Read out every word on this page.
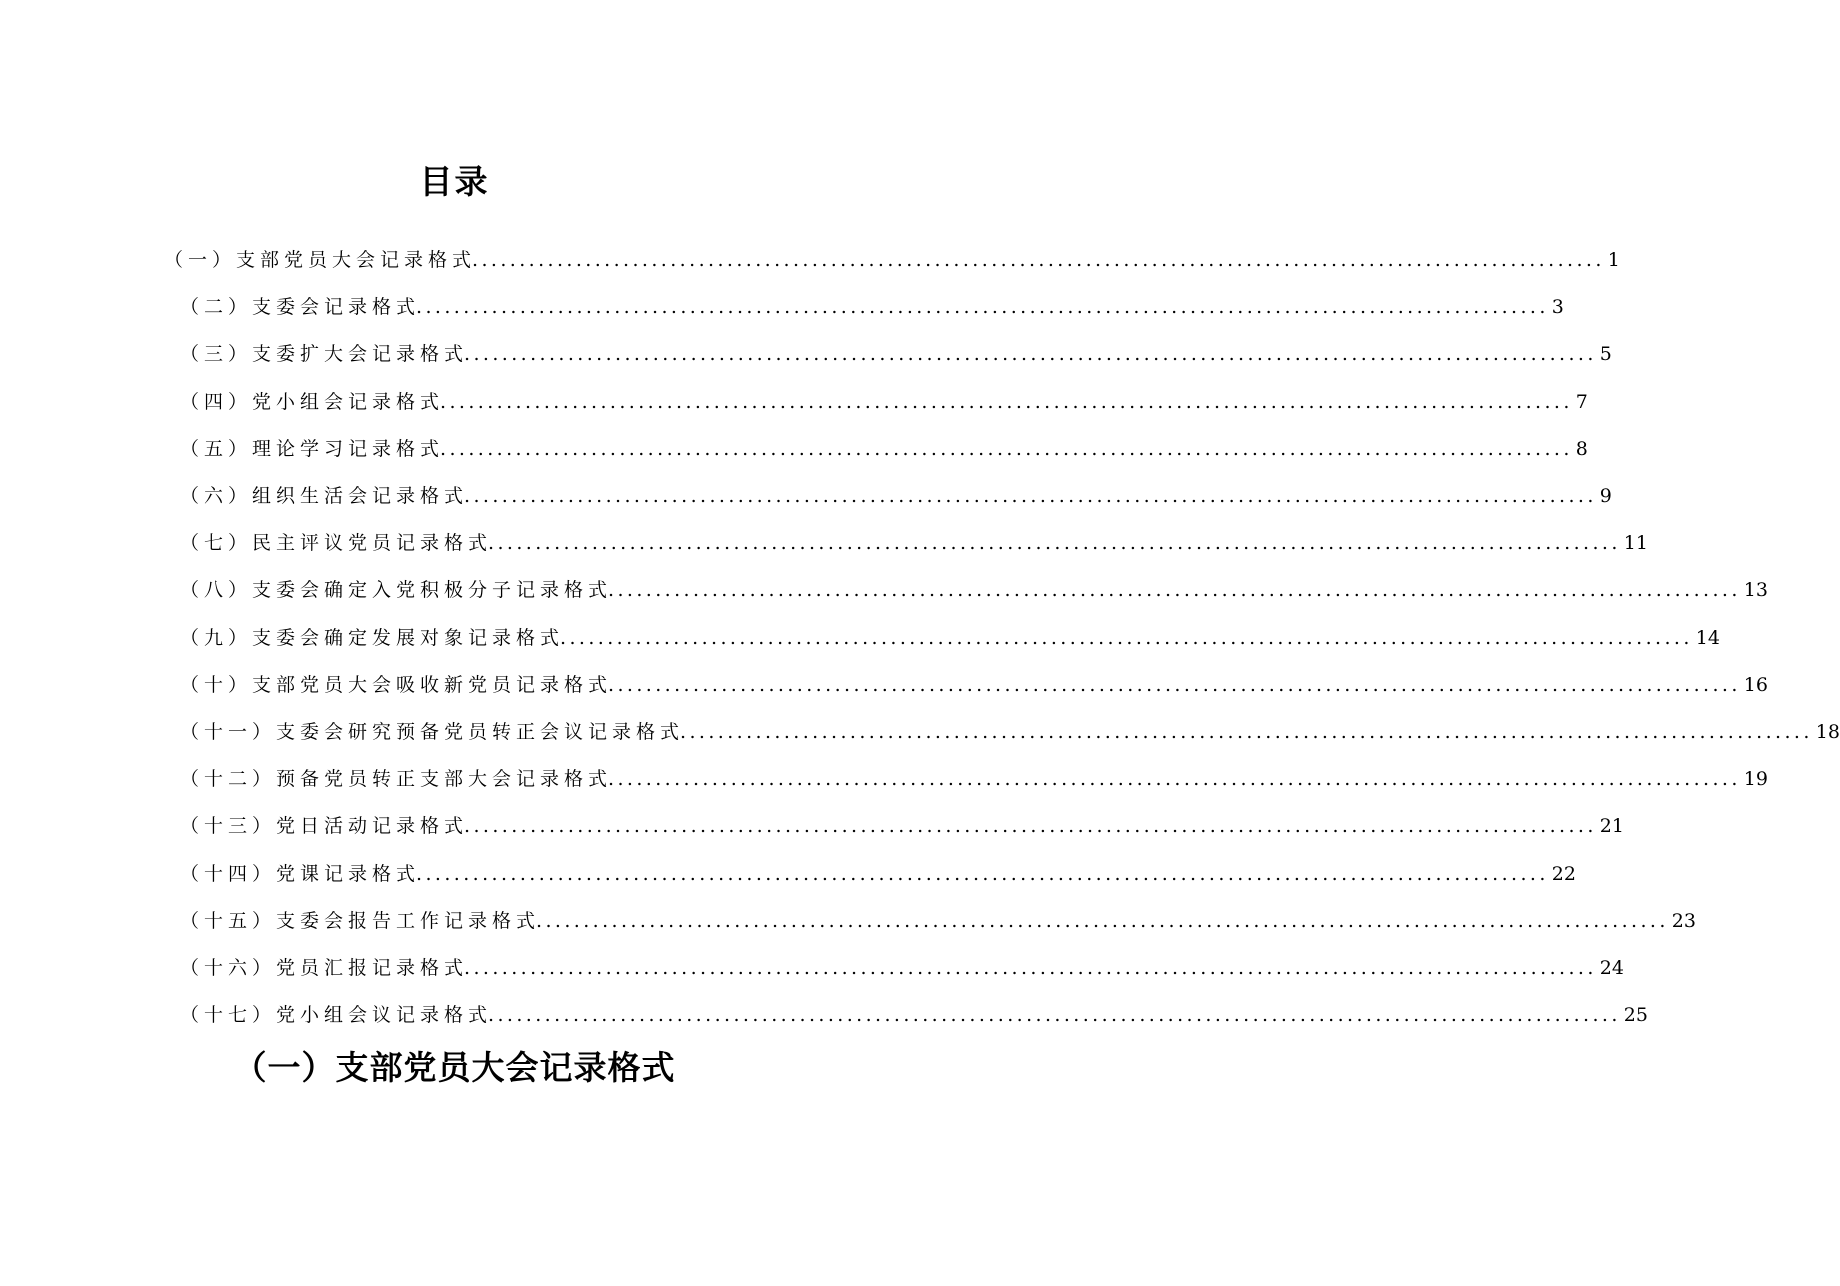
目录
（一）支部党员大会记录格式
........................................................................................................................ 1
（二）支委会记录格式
........................................................................................................................ 3
（三）支委扩大会记录格式
........................................................................................................................ 5
（四）党小组会记录格式
........................................................................................................................ 7
（五）理论学习记录格式
........................................................................................................................ 8
（六）组织生活会记录格式
........................................................................................................................ 9
（七）民主评议党员记录格式
........................................................................................................................ 11
（八）支委会确定入党积极分子记录格式
........................................................................................................................ 13
（九）支委会确定发展对象记录格式
........................................................................................................................ 14
（十）支部党员大会吸收新党员记录格式
........................................................................................................................ 16
（十一）支委会研究预备党员转正会议记录格式
........................................................................................................................ 18
（十二）预备党员转正支部大会记录格式
........................................................................................................................ 19
（十三）党日活动记录格式
........................................................................................................................ 21
（十四）党课记录格式
........................................................................................................................ 22
（十五）支委会报告工作记录格式
........................................................................................................................ 23
（十六）党员汇报记录格式
........................................................................................................................ 24
（十七）党小组会议记录格式
........................................................................................................................ 25
（一）支部党员大会记录格式
